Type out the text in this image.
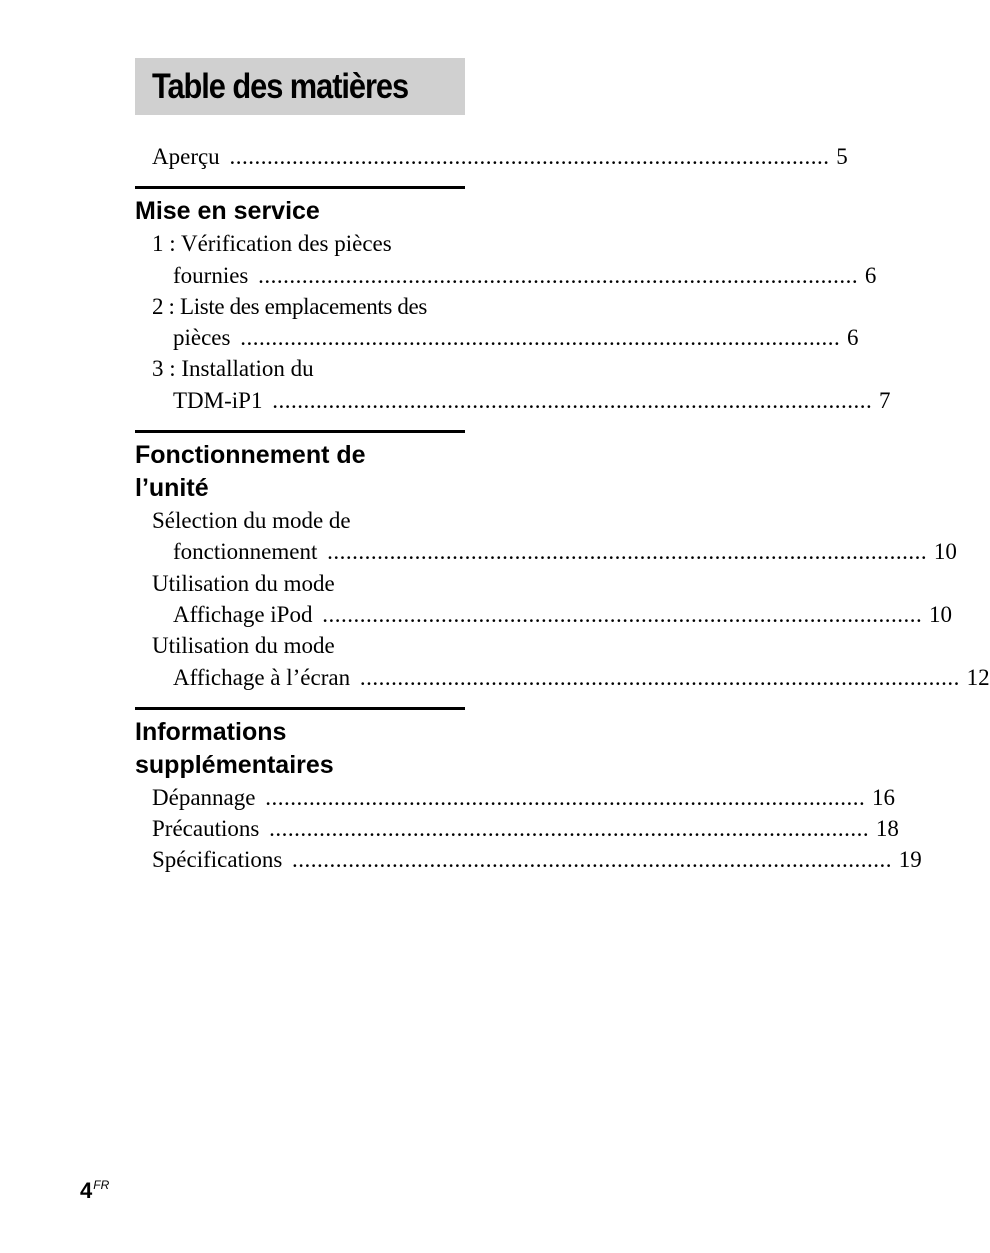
Table des matières
Aperçu .....	5
Mise en service
1 : Vérification des pièces
fournies .....	6
2 : Liste des emplacements des
pièces .....	6
3 : Installation du
TDM-iP1 .....	7
Fonctionnement de
l’unité
Sélection du mode de
fonctionnement .....	10
Utilisation du mode
Affichage iPod .....	10
Utilisation du mode
Affichage à l’écran .....	12
Informations
supplémentaires
Dépannage .....	16
Précautions .....	18
Spécifications .....	19
$4^{FR}$
